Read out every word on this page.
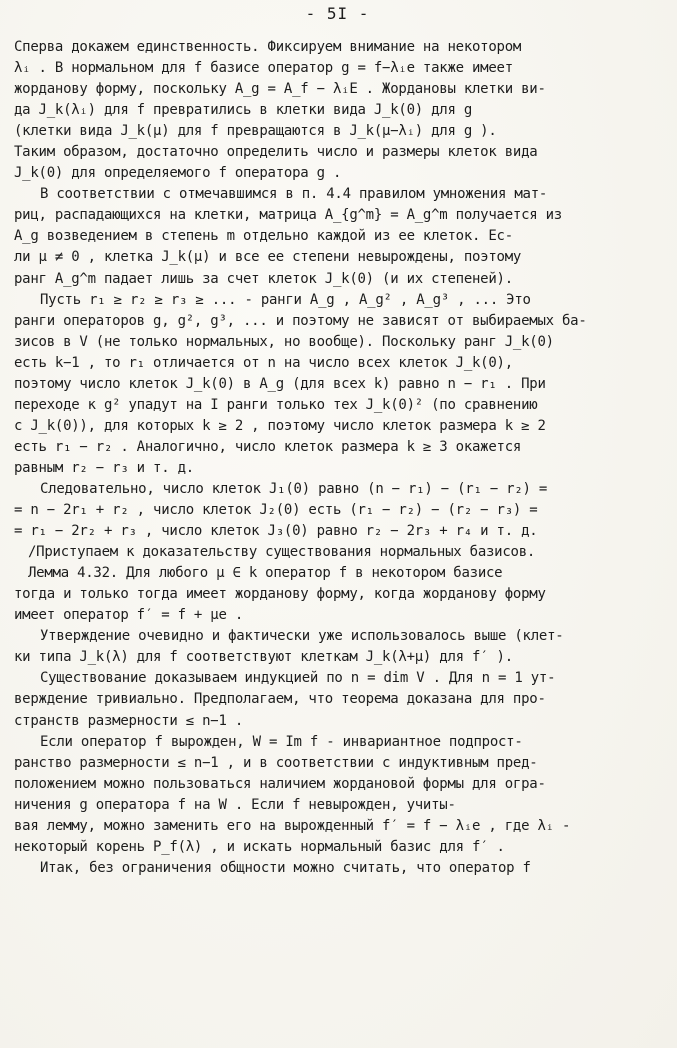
- 5I -
Сперва докажем единственность. Фиксируем внимание на некотором
λᵢ . В нормальном для f базисе оператор g = f−λᵢe также имеет
жорданову форму, поскольку A_g = A_f − λᵢE . Жордановы клетки ви-
да J_k(λᵢ) для f превратились в клетки вида J_k(0) для g
(клетки вида J_k(μ) для f превращаются в J_k(μ−λᵢ) для g ).
Таким образом, достаточно определить число и размеры клеток вида
J_k(0) для определяемого f оператора g .
В соответствии с отмечавшимся в п. 4.4 правилом умножения мат-
риц, распадающихся на клетки, матрица A_{g^m} = A_g^m получается из
A_g возведением в степень m отдельно каждой из ее клеток. Ес-
ли μ ≠ 0 , клетка J_k(μ) и все ее степени невырождены, поэтому
ранг A_g^m падает лишь за счет клеток J_k(0) (и их степеней).
Пусть r₁ ≥ r₂ ≥ r₃ ≥ ... - ранги A_g , A_g² , A_g³ , ... Это
ранги операторов g, g², g³, ... и поэтому не зависят от выбираемых ба-
зисов в V (не только нормальных, но вообще). Поскольку ранг J_k(0)
есть k−1 , то r₁ отличается от n на число всех клеток J_k(0),
поэтому число клеток J_k(0) в A_g (для всех k) равно n − r₁ . При
переходе к g² упадут на I ранги только тех J_k(0)² (по сравнению
с J_k(0)), для которых k ≥ 2 , поэтому число клеток размера k ≥ 2
есть r₁ − r₂ . Аналогично, число клеток размера k ≥ 3 окажется
равным r₂ − r₃ и т. д.
Следовательно, число клеток J₁(0) равно (n − r₁) − (r₁ − r₂) =
= n − 2r₁ + r₂ , число клеток J₂(0) есть (r₁ − r₂) − (r₂ − r₃) =
= r₁ − 2r₂ + r₃ , число клеток J₃(0) равно r₂ − 2r₃ + r₄ и т. д.
/Приступаем к доказательству существования нормальных базисов.
Лемма 4.32. Для любого μ ∈ k оператор f в некотором базисе
тогда и только тогда имеет жорданову форму, когда жорданову форму
имеет оператор f′ = f + μe .
Утверждение очевидно и фактически уже использовалось выше (клет-
ки типа J_k(λ) для f соответствуют клеткам J_k(λ+μ) для f′ ).
Существование доказываем индукцией по n = dim V . Для n = 1 ут-
верждение тривиально. Предполагаем, что теорема доказана для про-
странств размерности ≤ n−1 .
Если оператор f вырожден, W = Im f - инвариантное подпрост-
ранство размерности ≤ n−1 , и в соответствии с индуктивным пред-
положением можно пользоваться наличием жордановой формы для огра-
ничения g оператора f на W . Если f невырожден, учиты-
вая лемму, можно заменить его на вырожденный f′ = f − λᵢe , где λᵢ -
некоторый корень P_f(λ) , и искать нормальный базис для f′ .
Итак, без ограничения общности можно считать, что оператор f
